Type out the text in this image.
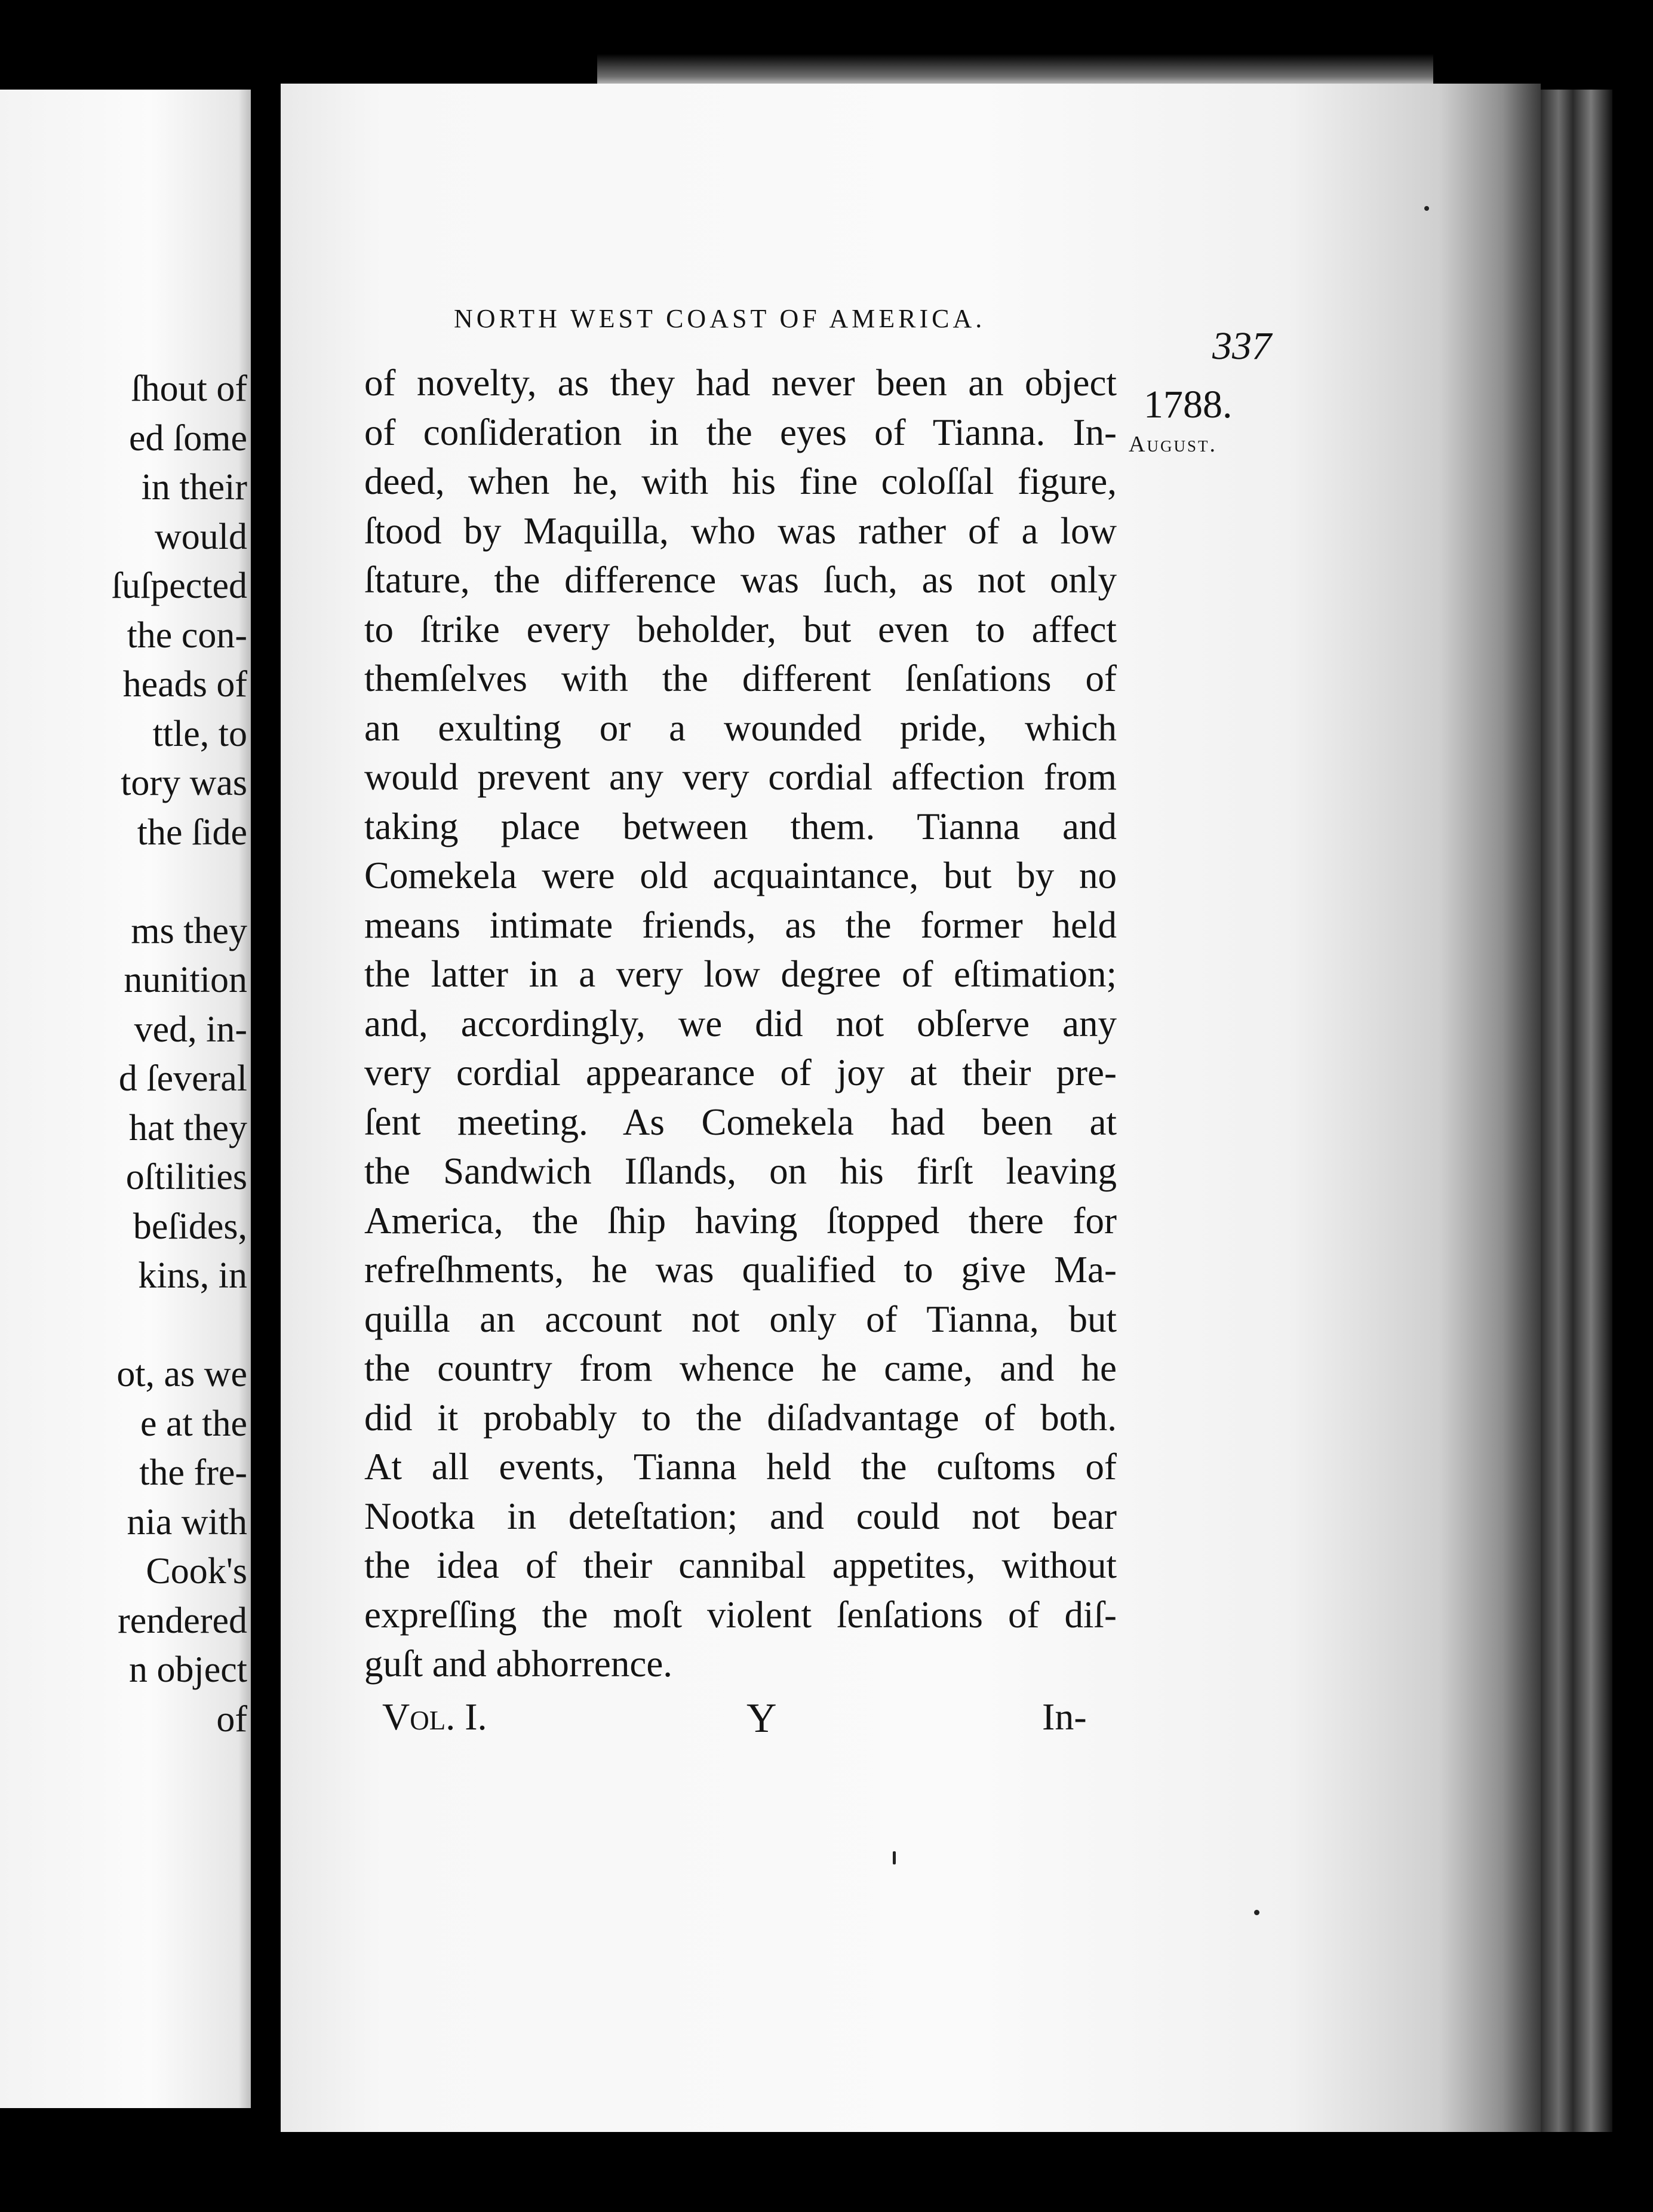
ſhout of
ed ſome
in their
would
ſuſpected
the con-
heads of
ttle, to
tory was
the ſide
ms they
nunition
ved, in-
d ſeveral
hat they
oſtilities
beſides,
kins, in
ot, as we
e at the
the fre-
nia with
Cook's
rendered
n object
of
NORTH WEST COAST OF AMERICA.
337
1788.
August.
of novelty, as they had never been an object
of conſideration in the eyes of Tianna. In-
deed, when he, with his fine coloſſal figure,
ſtood by Maquilla, who was rather of a low
ſtature, the difference was ſuch, as not only
to ſtrike every beholder, but even to affect
themſelves with the different ſenſations of
an exulting or a wounded pride, which
would prevent any very cordial affection from
taking place between them. Tianna and
Comekela were old acquaintance, but by no
means intimate friends, as the former held
the latter in a very low degree of eſtimation;
and, accordingly, we did not obſerve any
very cordial appearance of joy at their pre-
ſent meeting. As Comekela had been at
the Sandwich Iſlands, on his firſt leaving
America, the ſhip having ſtopped there for
refreſhments, he was qualified to give Ma-
quilla an account not only of Tianna, but
the country from whence he came, and he
did it probably to the diſadvantage of both.
At all events, Tianna held the cuſtoms of
Nootka in deteſtation; and could not bear
the idea of their cannibal appetites, without
expreſſing the moſt violent ſenſations of diſ-
guſt and abhorrence.
Vol. I.	Y	In-
